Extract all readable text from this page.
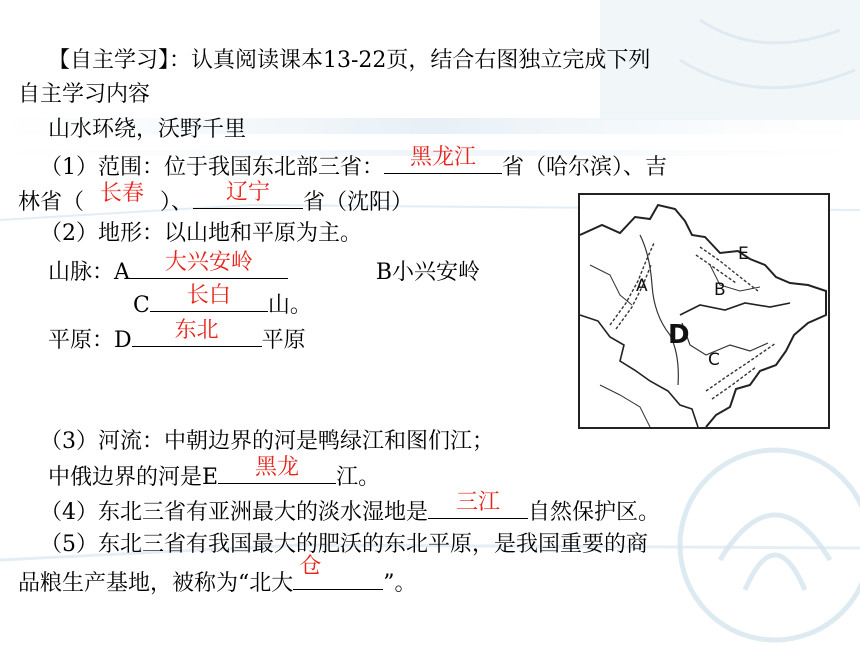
【自主学习】：认真阅读课本13-22页，结合右图独立完成下列
自主学习内容
山水环绕，沃野千里
（1）范围：位于我国东北部三省：	黑龙江	省（哈尔滨）、吉
林省（ 长春 ）、	辽宁	省（沈阳）
（2）地形：以山地和平原为主。
山脉：A	大兴安岭	B小兴安岭
C	长白	山。
平原：D	东北	平原
（3）河流：中朝边界的河是鸭绿江和图们江；
中俄边界的河是E	黑龙	江。
（4）东北三省有亚洲最大的淡水湿地是	三江	自然保护区。
（5）东北三省有我国最大的肥沃的东北平原，是我国重要的商
品粮生产基地，被称为“北大
仓
”。
A	B
C
D
E
